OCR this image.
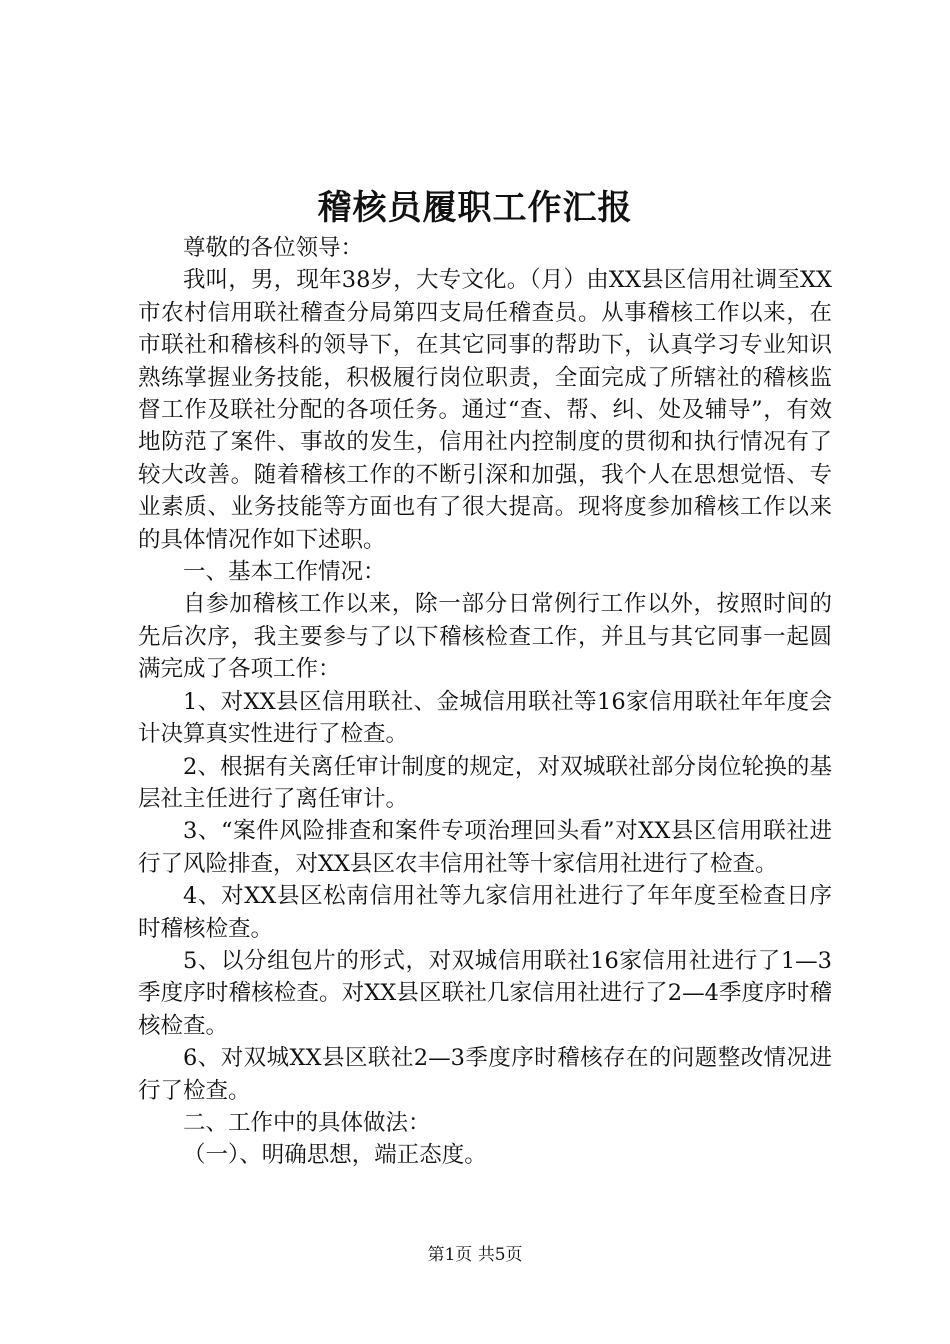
稽核员履职工作汇报

尊敬的各位领导：

我叫，男，现年38岁，大专文化。（月）由XX县区信用社调至XX市农村信用联社稽查分局第四支局任稽查员。从事稽核工作以来，在市联社和稽核科的领导下，在其它同事的帮助下，认真学习专业知识熟练掌握业务技能，积极履行岗位职责，全面完成了所辖社的稽核监督工作及联社分配的各项任务。通过“查、帮、纠、处及辅导”，有效地防范了案件、事故的发生，信用社内控制度的贯彻和执行情况有了较大改善。随着稽核工作的不断引深和加强，我个人在思想觉悟、专业素质、业务技能等方面也有了很大提高。现将度参加稽核工作以来的具体情况作如下述职。

一、基本工作情况：

自参加稽核工作以来，除一部分日常例行工作以外，按照时间的先后次序，我主要参与了以下稽核检查工作，并且与其它同事一起圆满完成了各项工作：

1、对XX县区信用联社、金城信用联社等16家信用联社年年度会计决算真实性进行了检查。

2、根据有关离任审计制度的规定，对双城联社部分岗位轮换的基层社主任进行了离任审计。

3、“案件风险排查和案件专项治理回头看”对XX县区信用联社进行了风险排查，对XX县区农丰信用社等十家信用社进行了检查。

4、对XX县区松南信用社等九家信用社进行了年年度至检查日序时稽核检查。

5、以分组包片的形式，对双城信用联社16家信用社进行了1—3季度序时稽核检查。对XX县区联社几家信用社进行了2—4季度序时稽核检查。

6、对双城XX县区联社2—3季度序时稽核存在的问题整改情况进行了检查。

二、工作中的具体做法：

（一）、明确思想，端正态度。

第1页 共5页
